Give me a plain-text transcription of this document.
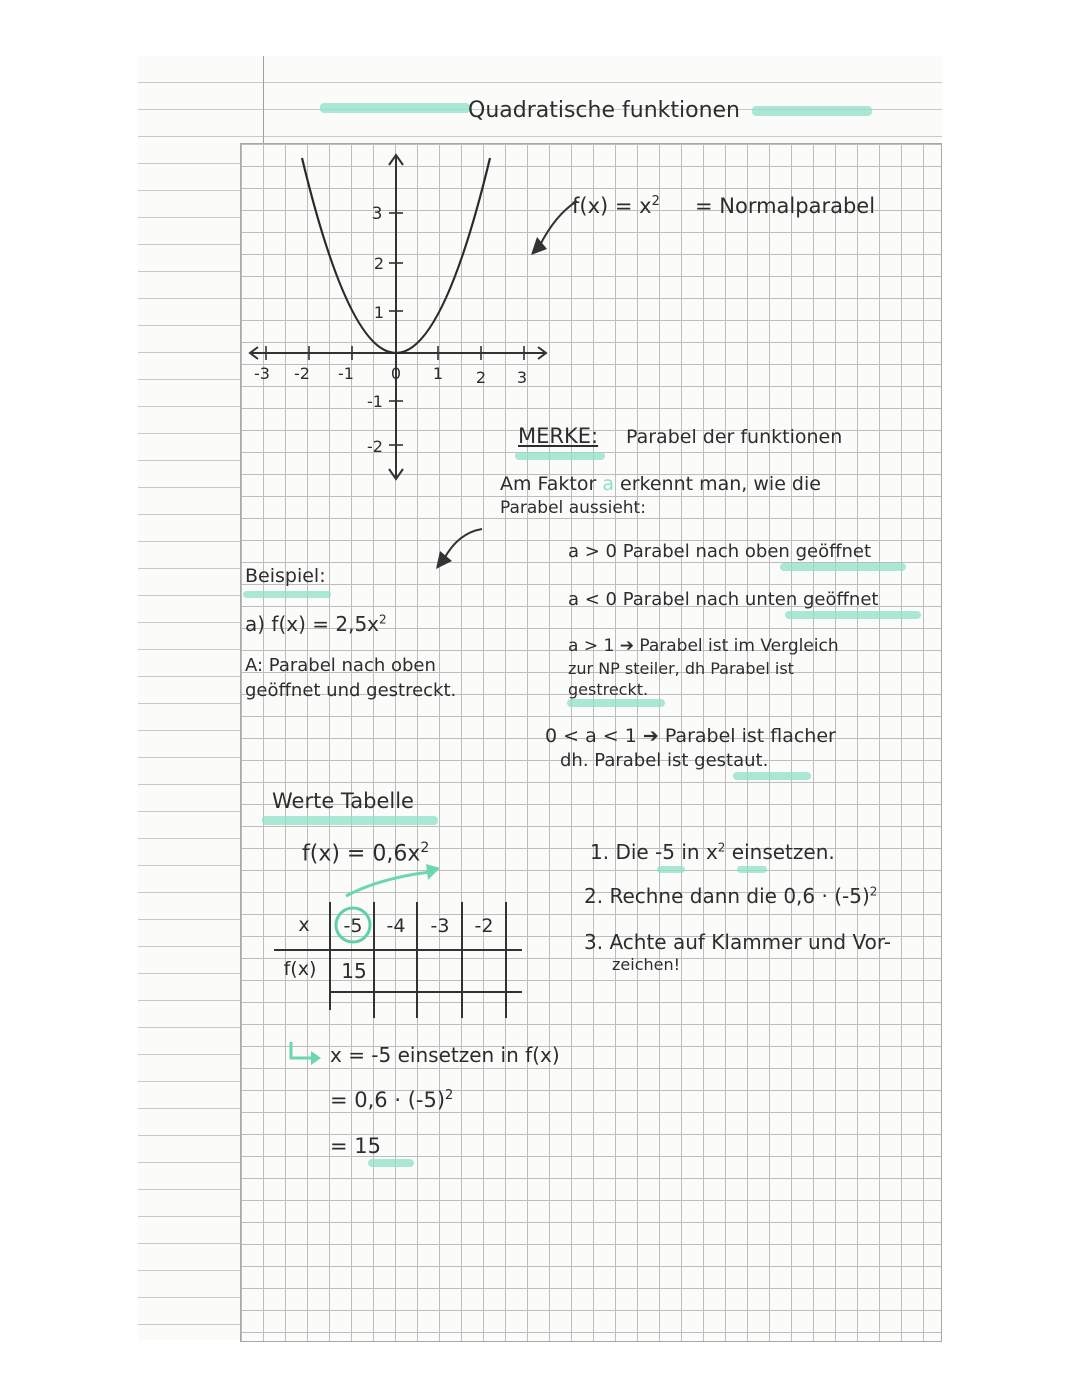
Quadratische funktionen
-3 -2 -1 0 1 2 3
3
2
1
-1
-2
$f(x) = x^2$ = Normalparabel
MERKE: Parabel der funktionen
Am Faktor a erkennt man, wie die
Parabel aussieht:
a > 0 Parabel nach oben geöffnet
a < 0 Parabel nach unten geöffnet
a > 1 ➔ Parabel ist im Vergleich
zur NP steiler, dh Parabel ist
gestreckt.
0 < a < 1 ➔ Parabel ist flacher
dh. Parabel ist gestaut.
Beispiel:
a) $f(x) = 2,5x^2$
A: Parabel nach oben
geöffnet und gestreckt.
Werte Tabelle
$f(x) = 0,6x^2$
x
f(x)
-5 -4 -3 -2
15
1. Die -5 in $x^2$ einsetzen.
2. Rechne dann die $0,6 \cdot (-5)^2$
3. Achte auf Klammer und Vor-
zeichen!
x = -5 einsetzen in f(x)
= $0,6 \cdot (-5)^2$
= 15
